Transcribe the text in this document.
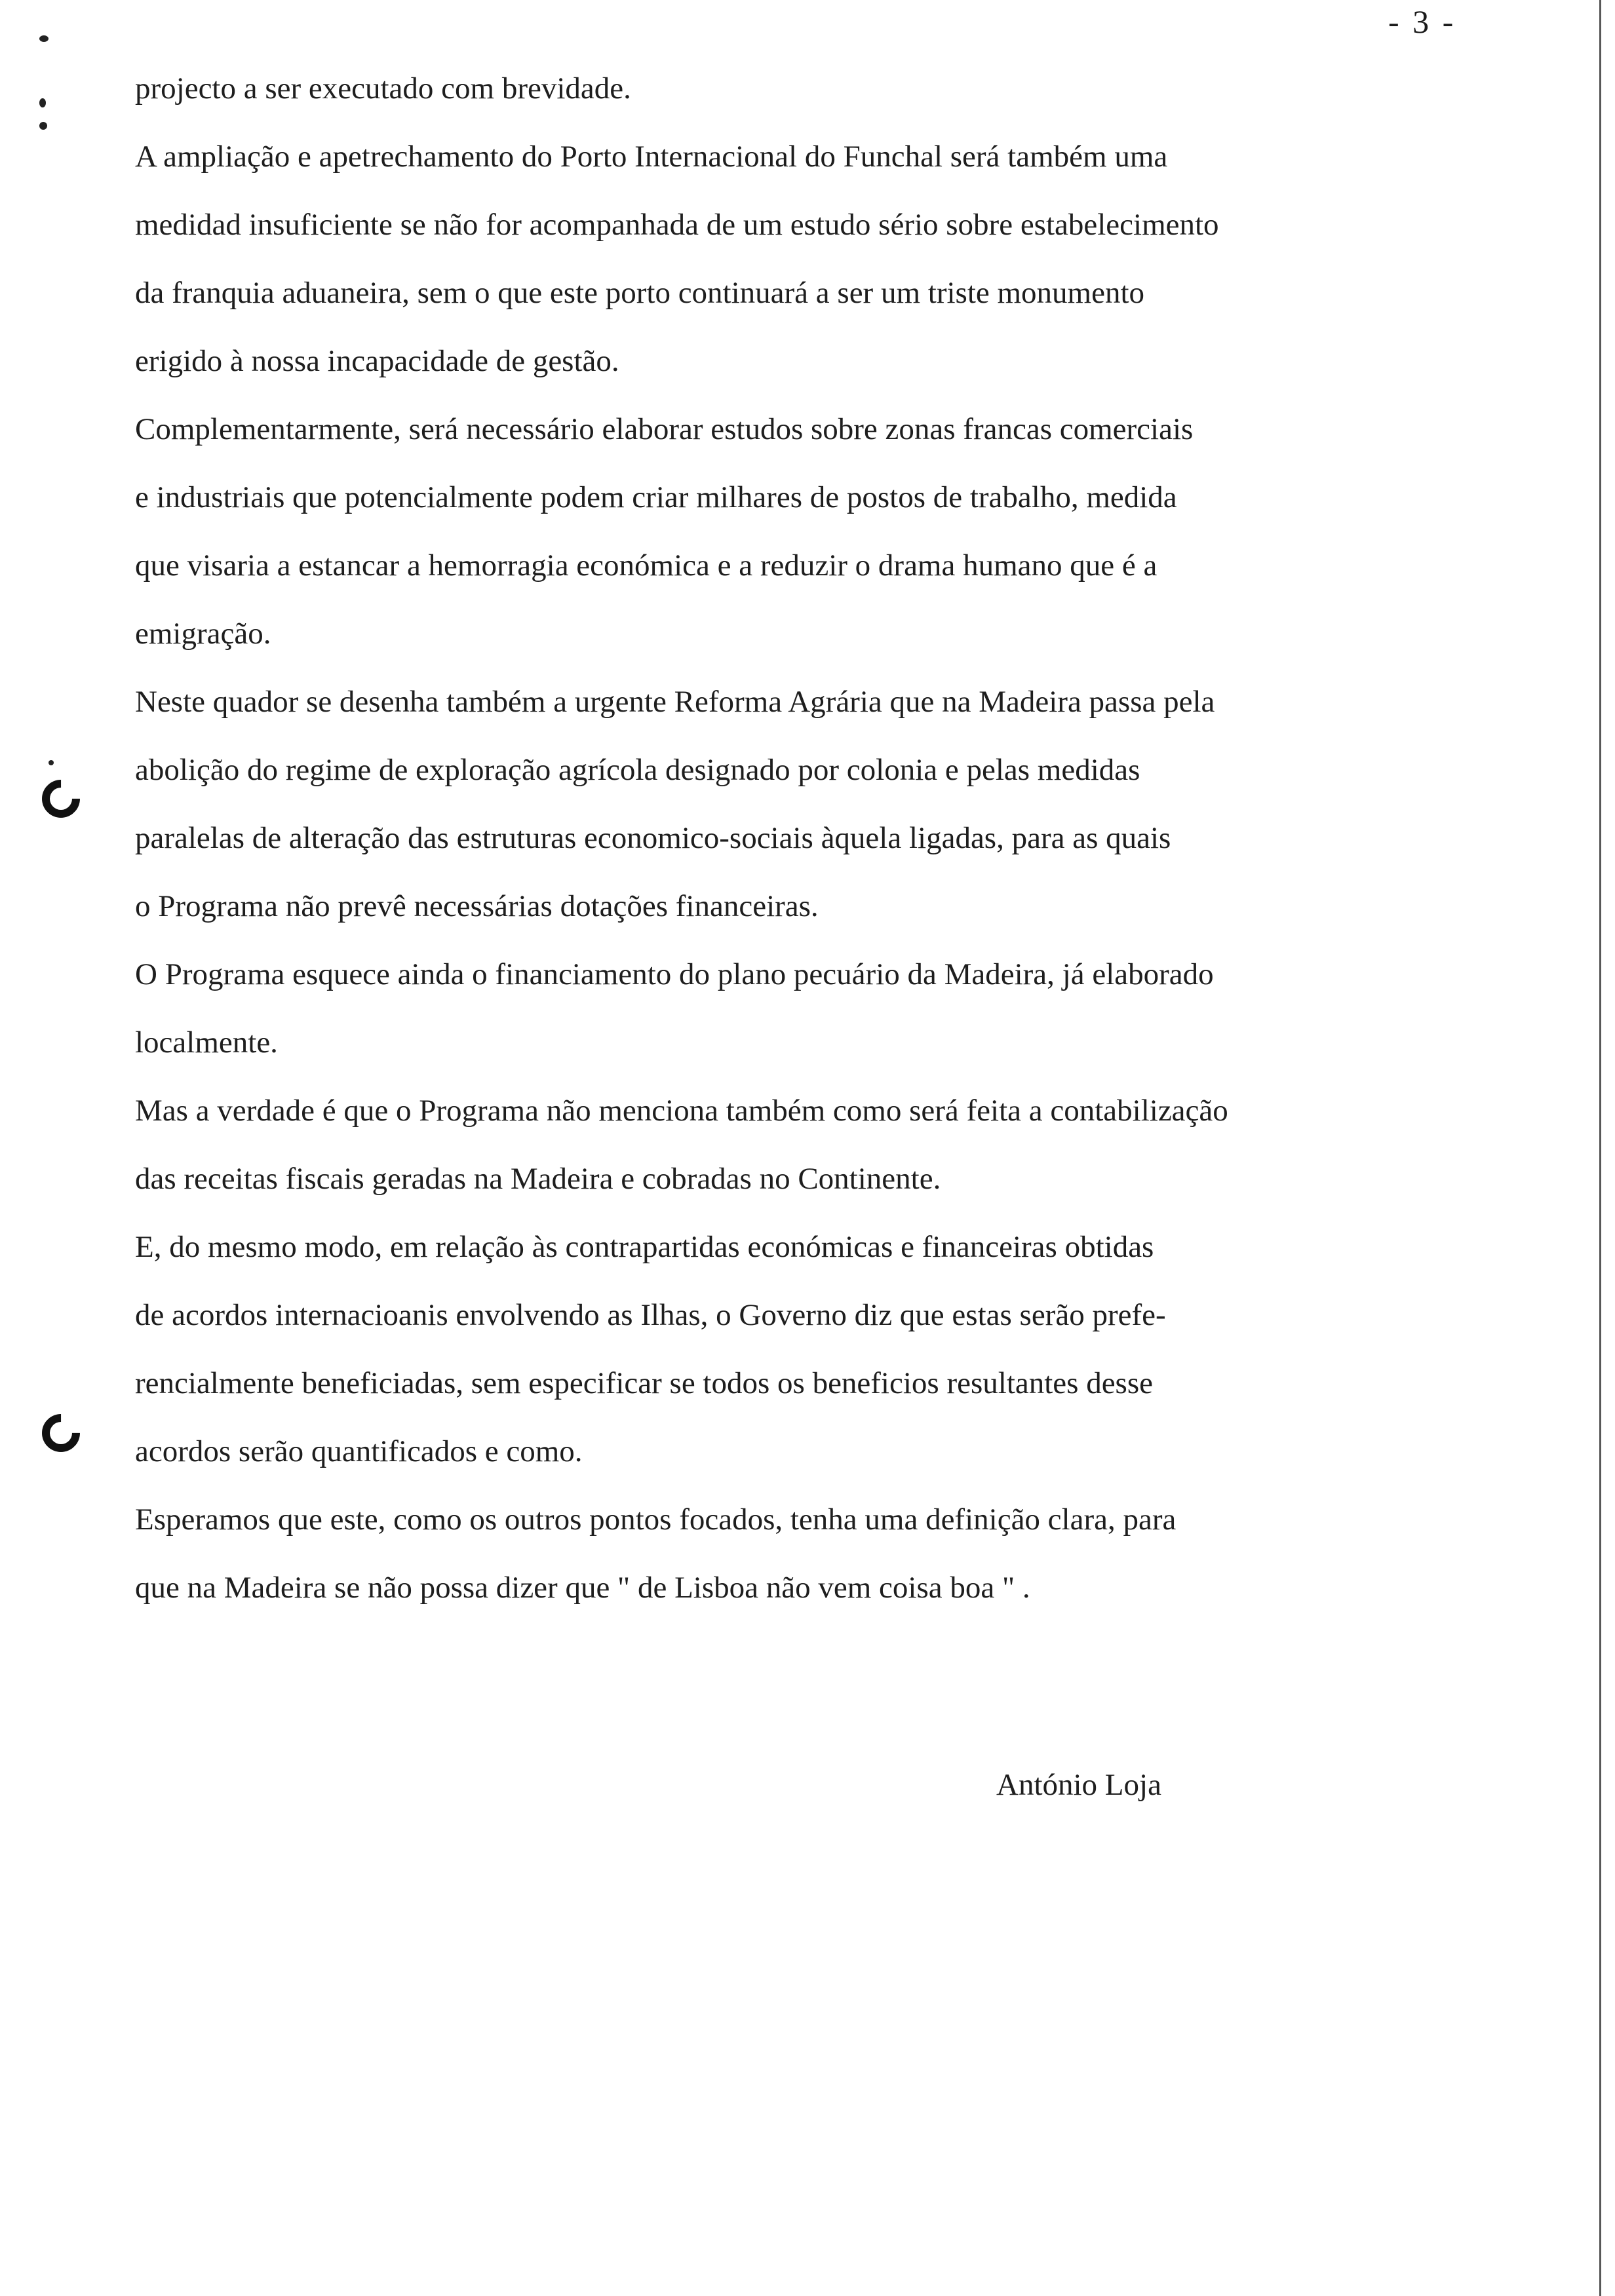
- 3 -
projecto a ser executado com brevidade.
A ampliação e apetrechamento do Porto Internacional do Funchal será também uma
medidad insuficiente se não for acompanhada de um estudo sério sobre estabelecimento
da franquia aduaneira, sem o que este porto continuará a ser um triste monumento
erigido à nossa incapacidade de gestão.
Complementarmente, será necessário elaborar estudos sobre zonas francas comerciais
e industriais que potencialmente podem criar milhares de postos de trabalho, medida
que visaria a estancar a hemorragia económica e a reduzir o drama humano que é a
emigração.
Neste quador se desenha também a urgente Reforma Agrária que na Madeira passa pela
abolição do regime de exploração agrícola designado por colonia e pelas medidas
paralelas de alteração das estruturas economico-sociais àquela ligadas, para as quais
o Programa não prevê necessárias dotações financeiras.
O Programa esquece ainda o financiamento do plano pecuário da Madeira, já elaborado
localmente.
Mas a verdade é que o Programa não menciona também como será feita a contabilização
das receitas fiscais geradas na Madeira e cobradas no Continente.
E, do mesmo modo, em relação às contrapartidas económicas e financeiras obtidas
de acordos internacioanis envolvendo as Ilhas, o Governo diz que estas serão prefe-
rencialmente beneficiadas, sem especificar se todos os beneficios resultantes desse
acordos serão quantificados e como.
Esperamos que este, como os outros pontos focados, tenha uma definição clara, para
que na Madeira se não possa dizer que " de Lisboa não vem coisa boa " .
António Loja
